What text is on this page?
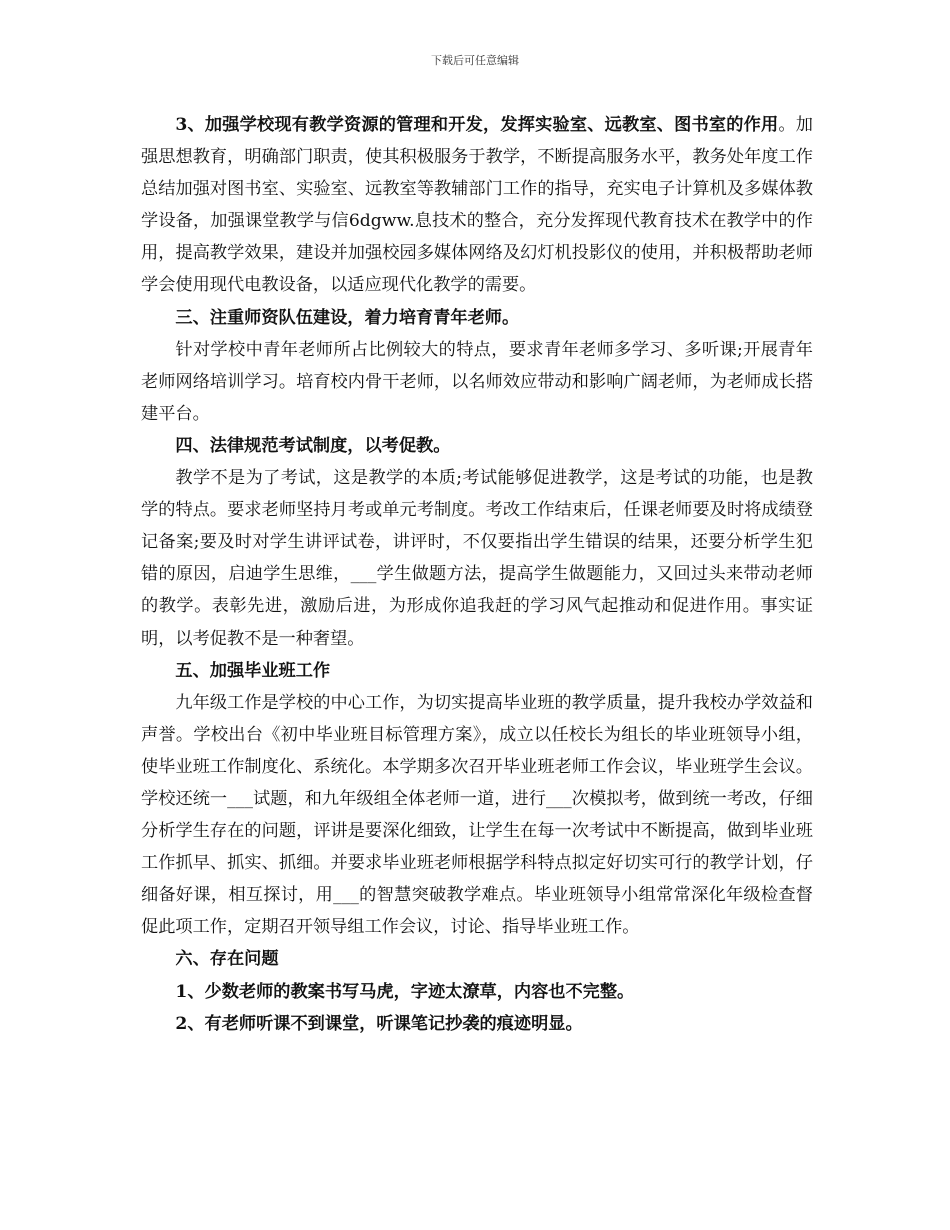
下载后可任意编辑

3、加强学校现有教学资源的管理和开发，发挥实验室、远教室、图书室的作用。加强思想教育，明确部门职责，使其积极服务于教学，不断提高服务水平，教务处年度工作总结加强对图书室、实验室、远教室等教辅部门工作的指导，充实电子计算机及多媒体教学设备，加强课堂教学与信6dgww.息技术的整合，充分发挥现代教育技术在教学中的作用，提高教学效果，建设并加强校园多媒体网络及幻灯机投影仪的使用，并积极帮助老师学会使用现代电教设备，以适应现代化教学的需要。

三、注重师资队伍建设，着力培育青年老师。

针对学校中青年老师所占比例较大的特点，要求青年老师多学习、多听课;开展青年老师网络培训学习。培育校内骨干老师，以名师效应带动和影响广阔老师，为老师成长搭建平台。

四、法律规范考试制度，以考促教。

教学不是为了考试，这是教学的本质;考试能够促进教学，这是考试的功能，也是教学的特点。要求老师坚持月考或单元考制度。考改工作结束后，任课老师要及时将成绩登记备案;要及时对学生讲评试卷，讲评时，不仅要指出学生错误的结果，还要分析学生犯错的原因，启迪学生思维，___学生做题方法，提高学生做题能力，又回过头来带动老师的教学。表彰先进，激励后进，为形成你追我赶的学习风气起推动和促进作用。事实证明，以考促教不是一种奢望。

五、加强毕业班工作

九年级工作是学校的中心工作，为切实提高毕业班的教学质量，提升我校办学效益和声誉。学校出台《初中毕业班目标管理方案》，成立以任校长为组长的毕业班领导小组，使毕业班工作制度化、系统化。本学期多次召开毕业班老师工作会议，毕业班学生会议。学校还统一___试题，和九年级组全体老师一道，进行___次模拟考，做到统一考改，仔细分析学生存在的问题，评讲是要深化细致，让学生在每一次考试中不断提高，做到毕业班工作抓早、抓实、抓细。并要求毕业班老师根据学科特点拟定好切实可行的教学计划，仔细备好课，相互探讨，用___的智慧突破教学难点。毕业班领导小组常常深化年级检查督促此项工作，定期召开领导组工作会议，讨论、指导毕业班工作。

六、存在问题

1、少数老师的教案书写马虎，字迹太潦草，内容也不完整。

2、有老师听课不到课堂，听课笔记抄袭的痕迹明显。
